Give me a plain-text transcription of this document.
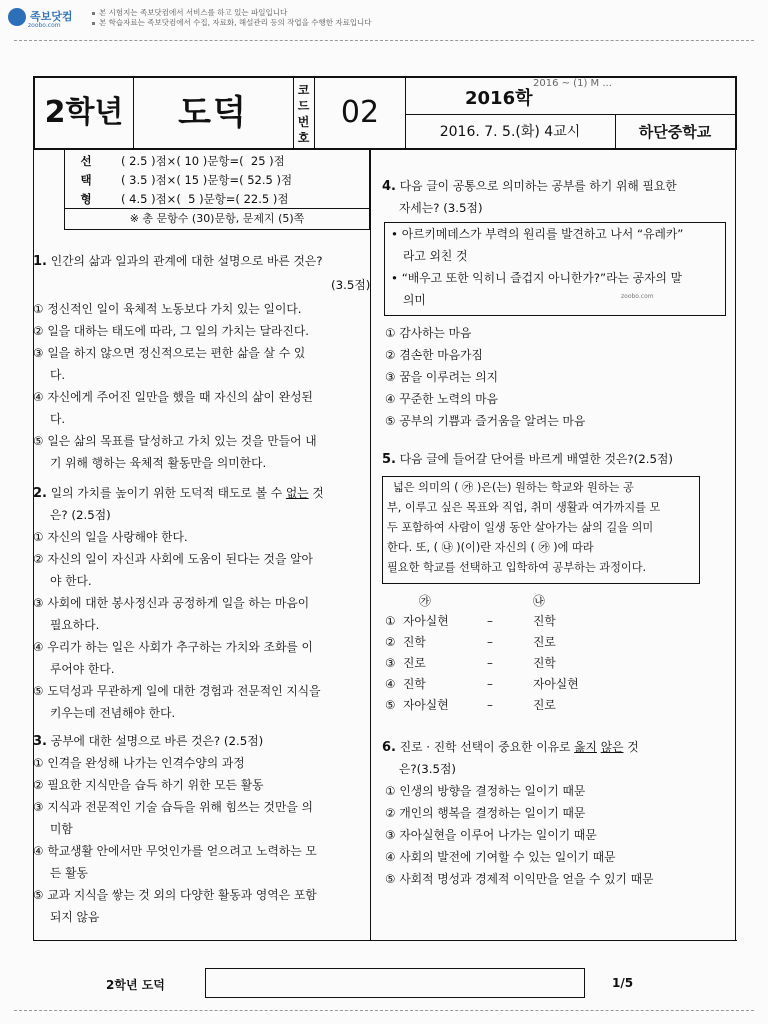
족보닷컴
zoobo.com
본 시험지는 족보닷컴에서 서비스를 하고 있는 파일입니다
본 학습자료는 족보닷컴에서 수집, 자료화, 해설관리 등의 작업을 수행한 자료입니다
2학년	도덕
코
드
번
호
02	2016학
2016 ~ (1) M ...
2016. 7. 5.(화) 4교시	하단중학교
선
택
형
( 2.5 )점×( 10 )문항=(  25 )점
( 3.5 )점×( 15 )문항=( 52.5 )점
( 4.5 )점×(  5 )문항=( 22.5 )점
※ 총 문항수 (30)문항, 문제지 (5)쪽
1. 인간의 삶과 일과의 관계에 대한 설명으로 바른 것은?
(3.5점)
① 정신적인 일이 육체적 노동보다 가치 있는 일이다.
② 일을 대하는 태도에 따라, 그 일의 가치는 달라진다.
③ 일을 하지 않으면 정신적으로는 편한 삶을 살 수 있
다.
④ 자신에게 주어진 일만을 했을 때 자신의 삶이 완성된
다.
⑤ 일은 삶의 목표를 달성하고 가치 있는 것을 만들어 내
기 위해 행하는 육체적 활동만을 의미한다.
2. 일의 가치를 높이기 위한 도덕적 태도로 볼 수 없는 것
은? (2.5점)
① 자신의 일을 사랑해야 한다.
② 자신의 일이 자신과 사회에 도움이 된다는 것을 알아
야 한다.
③ 사회에 대한 봉사정신과 공정하게 일을 하는 마음이
필요하다.
④ 우리가 하는 일은 사회가 추구하는 가치와 조화를 이
루어야 한다.
⑤ 도덕성과 무관하게 일에 대한 경험과 전문적인 지식을
키우는데 전념해야 한다.
3. 공부에 대한 설명으로 바른 것은? (2.5점)
① 인격을 완성해 나가는 인격수양의 과정
② 필요한 지식만을 습득 하기 위한 모든 활동
③ 지식과 전문적인 기술 습득을 위해 힘쓰는 것만을 의
미함
④ 학교생활 안에서만 무엇인가를 얻으려고 노력하는 모
든 활동
⑤ 교과 지식을 쌓는 것 외의 다양한 활동과 영역은 포함
되지 않음
4. 다음 글이 공통으로 의미하는 공부를 하기 위해 필요한
자세는? (3.5점)
• 아르키메데스가 부력의 원리를 발견하고 나서 “유레카”
라고 외친 것
• “배우고 또한 익히니 즐겁지 아니한가?”라는 공자의 말
의미	zoobo.com
① 감사하는 마음
② 겸손한 마음가짐
③ 꿈을 이루려는 의지
④ 꾸준한 노력의 마음
⑤ 공부의 기쁨과 즐거움을 알려는 마음
5. 다음 글에 들어갈 단어를 바르게 배열한 것은?(2.5점)
넓은 의미의 ( ㉮ )은(는) 원하는 학교와 원하는 공
부, 이루고 싶은 목표와 직업, 취미 생활과 여가까지를 모
두 포함하여 사람이 일생 동안 살아가는 삶의 길을 의미
한다. 또, ( ㉯ )(이)란 자신의 ( ㉮ )에 따라
필요한 학교를 선택하고 입학하여 공부하는 과정이다.
㉮	㉯
① 자아실현	–	진학
② 진학	–	진로
③ 진로	–	진학
④ 진학	–	자아실현
⑤ 자아실현	–	진로
6. 진로 · 진학 선택이 중요한 이유로 옳지 않은 것
은?(3.5점)
① 인생의 방향을 결정하는 일이기 때문
② 개인의 행복을 결정하는 일이기 때문
③ 자아실현을 이루어 나가는 일이기 때문
④ 사회의 발전에 기여할 수 있는 일이기 때문
⑤ 사회적 명성과 경제적 이익만을 얻을 수 있기 때문
2학년 도덕	1/5
